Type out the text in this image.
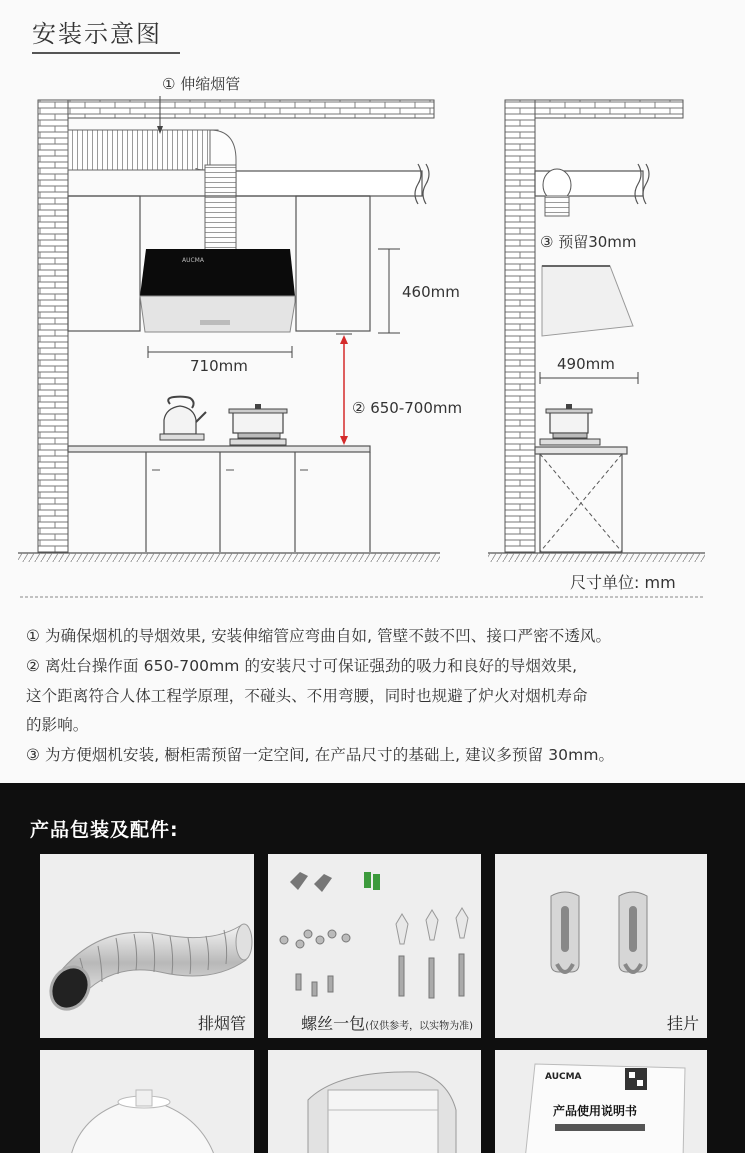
安装示意图
AUCMA
① 伸缩烟管
460mm
710mm
② 650-700mm
③ 预留30mm
490mm
尺寸单位: mm
① 为确保烟机的导烟效果, 安装伸缩管应弯曲自如, 管壁不鼓不凹、接口严密不透风。
② 离灶台操作面 650-700mm 的安装尺寸可保证强劲的吸力和良好的导烟效果,
这个距离符合人体工程学原理，不碰头、不用弯腰，同时也规避了炉火对烟机寿命
的影响。
③ 为方便烟机安装, 橱柜需预留一定空间, 在产品尺寸的基础上, 建议多预留 30mm。
产品包装及配件:
排烟管	螺丝一包(仅供参考，以实物为准)	挂片
AUCMA
产品使用说明书
